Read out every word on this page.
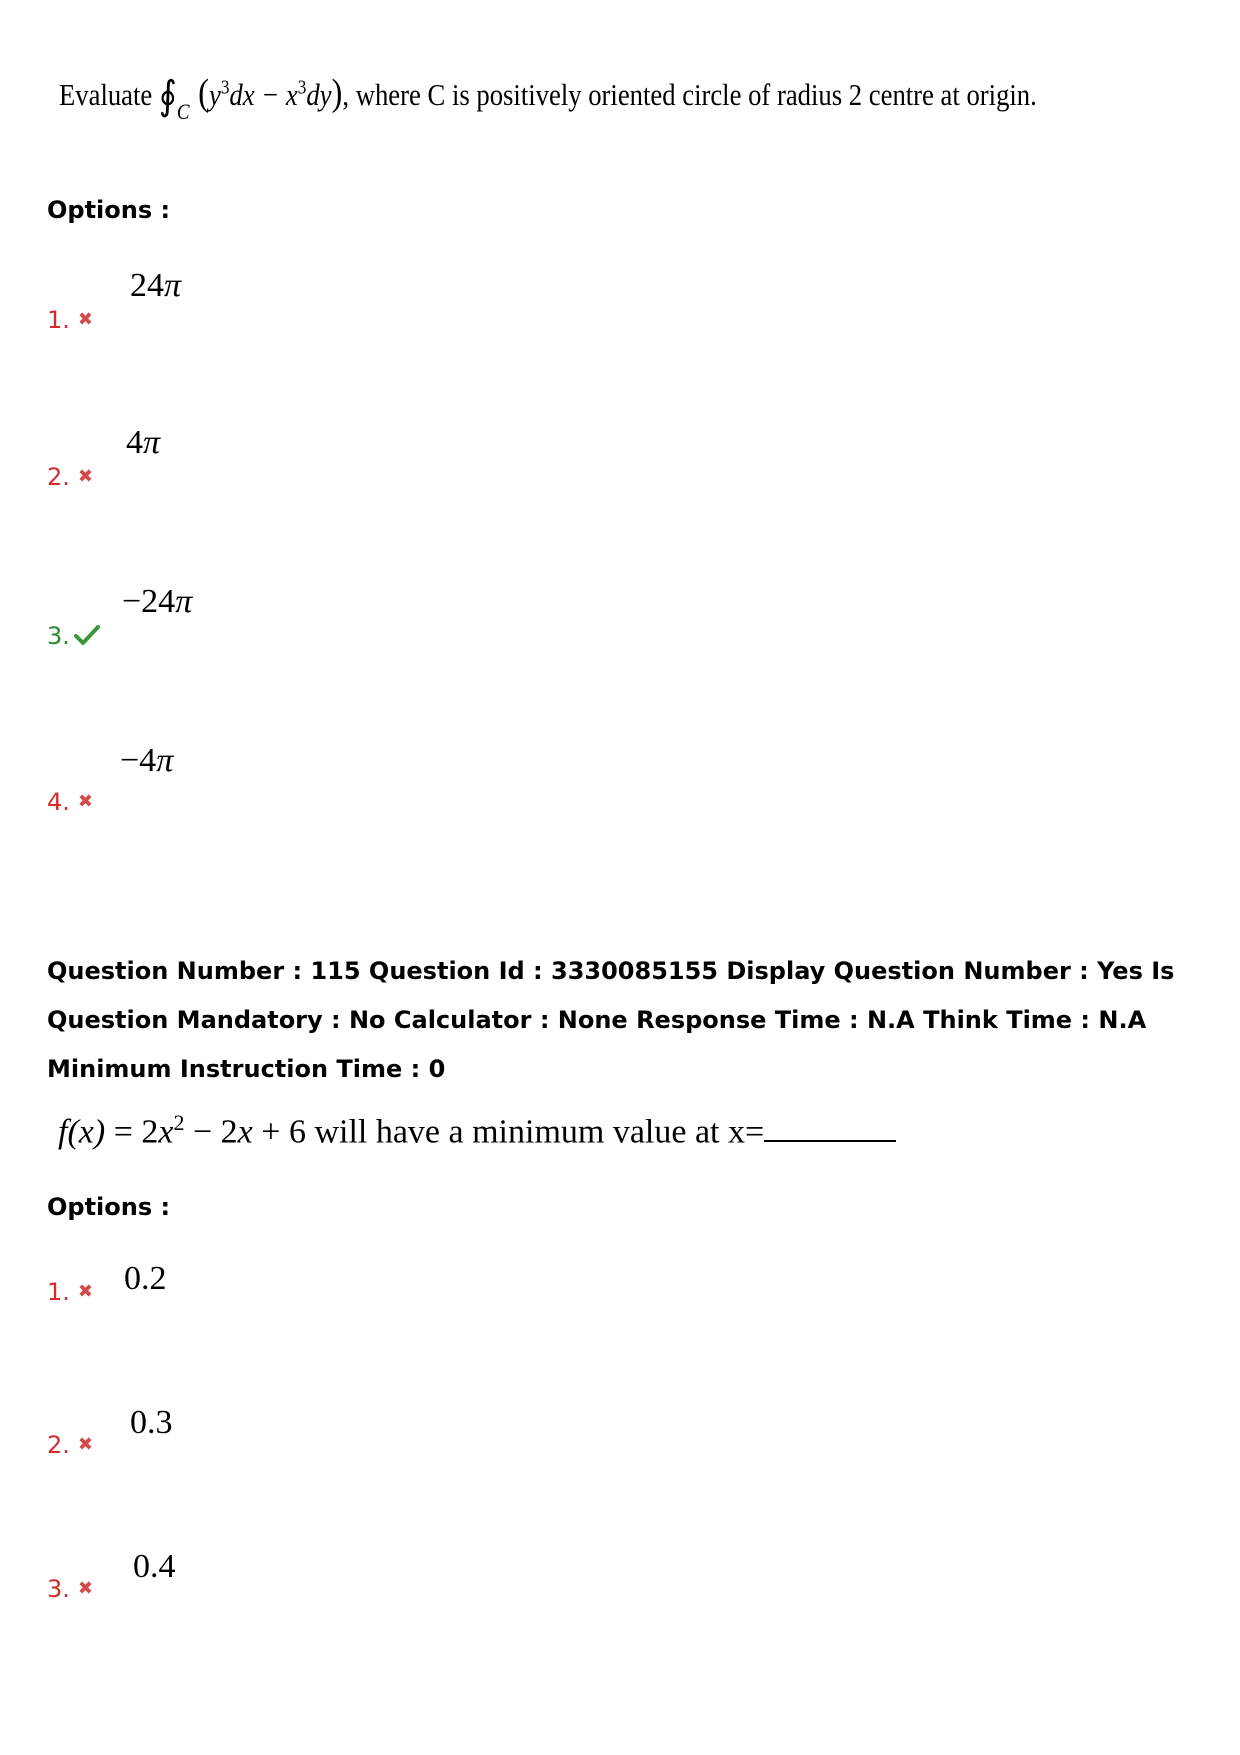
Evaluate $∮_C$ $(y^3dx - x^3dy)$, where C is positively oriented circle of radius 2 centre at origin.
Options :
24π
1. ✖
4π
2. ✖
−24π
3.
−4π
4. ✖
Question Number : 115 Question Id : 3330085155 Display Question Number : Yes Is Question Mandatory : No Calculator : None Response Time : N.A Think Time : N.A Minimum Instruction Time : 0
$f(x) = 2x^2 - 2x + 6$ will have a minimum value at x=
Options :
0.2
1. ✖
0.3
2. ✖
0.4
3. ✖
